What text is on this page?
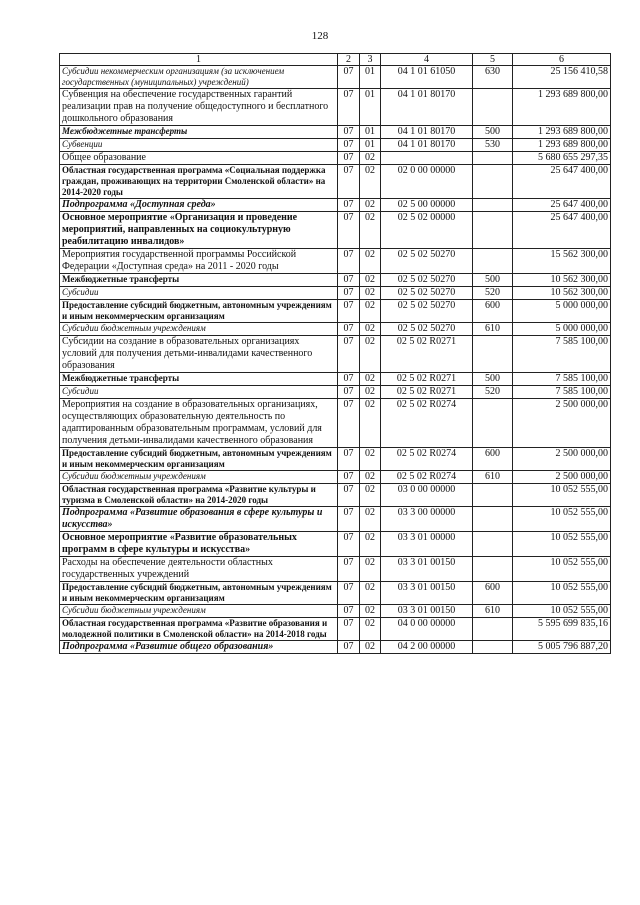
128
1	2	3	4	5	6
Субсидии некоммерческим организациям (за исключением государственных (муниципальных) учреждений)	07	01	04 1 01 61050	630	25 156 410,58
Субвенция на обеспечение государственных гарантий реализации прав на получение общедоступного и бесплатного дошкольного образования	07	01	04 1 01 80170		1 293 689 800,00
Межбюджетные трансферты	07	01	04 1 01 80170	500	1 293 689 800,00
Субвенции	07	01	04 1 01 80170	530	1 293 689 800,00
Общее образование	07	02			5 680 655 297,35
Областная государственная программа «Социальная поддержка граждан, проживающих на территории Смоленской области» на 2014-2020 годы	07	02	02 0 00 00000		25 647 400,00
Подпрограмма «Доступная среда»	07	02	02 5 00 00000		25 647 400,00
Основное мероприятие «Организация и проведение мероприятий, направленных на социокультурную реабилитацию инвалидов»	07	02	02 5 02 00000		25 647 400,00
Мероприятия государственной программы Российской Федерации «Доступная среда» на 2011 - 2020 годы	07	02	02 5 02 50270		15 562 300,00
Межбюджетные трансферты	07	02	02 5 02 50270	500	10 562 300,00
Субсидии	07	02	02 5 02 50270	520	10 562 300,00
Предоставление субсидий бюджетным, автономным учреждениям и иным некоммерческим организациям	07	02	02 5 02 50270	600	5 000 000,00
Субсидии бюджетным учреждениям	07	02	02 5 02 50270	610	5 000 000,00
Субсидии на создание в образовательных организациях условий для получения детьми-инвалидами качественного образования	07	02	02 5 02 R0271		7 585 100,00
Межбюджетные трансферты	07	02	02 5 02 R0271	500	7 585 100,00
Субсидии	07	02	02 5 02 R0271	520	7 585 100,00
Мероприятия на создание в образовательных организациях, осуществляющих образовательную деятельность по адаптированным образовательным программам, условий для получения детьми-инвалидами качественного образования	07	02	02 5 02 R0274		2 500 000,00
Предоставление субсидий бюджетным, автономным учреждениям и иным некоммерческим организациям	07	02	02 5 02 R0274	600	2 500 000,00
Субсидии бюджетным учреждениям	07	02	02 5 02 R0274	610	2 500 000,00
Областная государственная программа «Развитие культуры и туризма в Смоленской области» на 2014-2020 годы	07	02	03 0 00 00000		10 052 555,00
Подпрограмма «Развитие образования в сфере культуры и искусства»	07	02	03 3 00 00000		10 052 555,00
Основное мероприятие «Развитие образовательных программ в сфере культуры и искусства»	07	02	03 3 01 00000		10 052 555,00
Расходы на обеспечение деятельности областных государственных учреждений	07	02	03 3 01 00150		10 052 555,00
Предоставление субсидий бюджетным, автономным учреждениям и иным некоммерческим организациям	07	02	03 3 01 00150	600	10 052 555,00
Субсидии бюджетным учреждениям	07	02	03 3 01 00150	610	10 052 555,00
Областная государственная программа «Развитие образования и молодежной политики в Смоленской области» на 2014-2018 годы	07	02	04 0 00 00000		5 595 699 835,16
Подпрограмма «Развитие общего образования»	07	02	04 2 00 00000		5 005 796 887,20
